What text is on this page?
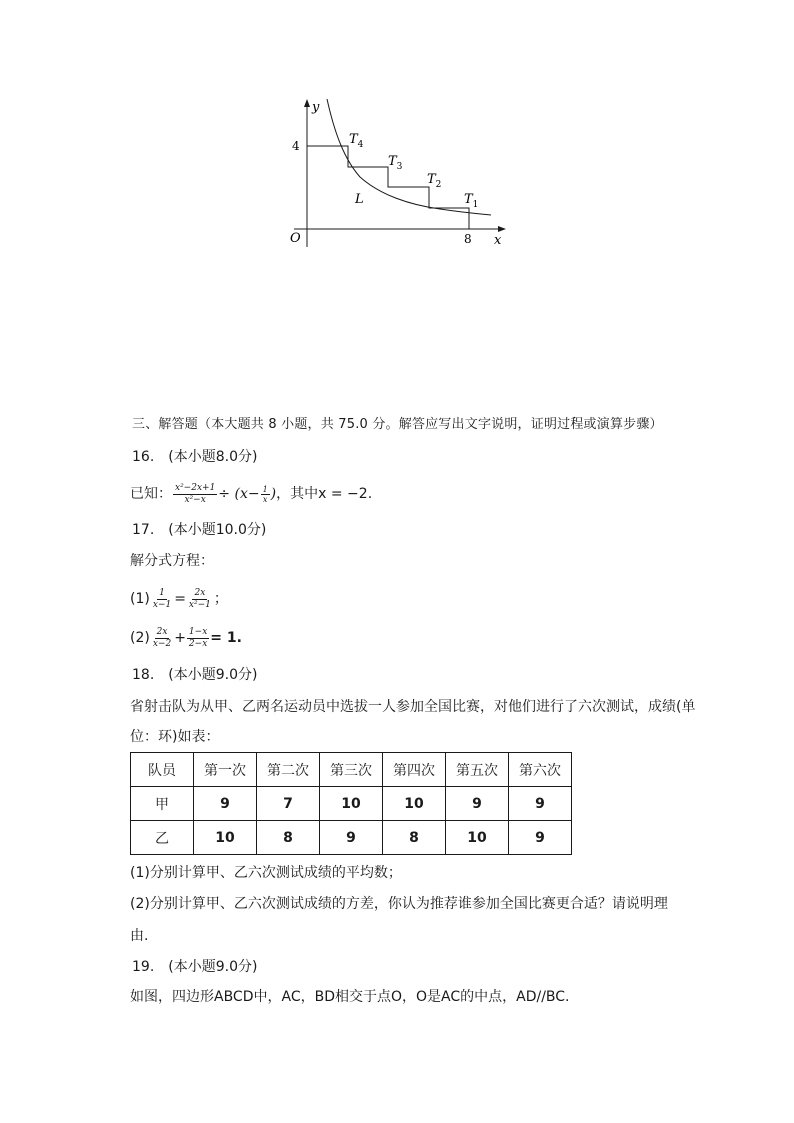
y
x
O
4
8
L
$T_4$
$T_3$
$T_2$
$T_1$
三、解答题（本大题共 8 小题，共 75.0 分。解答应写出文字说明，证明过程或演算步骤）
16.　(本小题8.0分)
已知： $\frac{\text{x²−2x+1}}{\text{x²−x}} \div (x- \frac{1}{x}$ ) ，其中x = −2.
17.　(本小题10.0分)
解分式方程：
$(1) \frac{1}{x-1} = \frac{2x}{\text{x²−1}}$ ；
$(2) \frac{2x}{x-2} + \frac{1-x}{2-x} = 1$.
18.　(本小题9.0分)
省射击队为从甲、乙两名运动员中选拔一人参加全国比赛，对他们进行了六次测试，成绩(单
位：环)如表：
队员	第一次	第二次	第三次	第四次	第五次	第六次
甲	9	7	10	10	9	9
乙	10	8	9	8	10	9
(1)分别计算甲、乙六次测试成绩的平均数；
(2)分别计算甲、乙六次测试成绩的方差，你认为推荐谁参加全国比赛更合适？请说明理
由.
19.　(本小题9.0分)
如图，四边形ABCD中，AC，BD相交于点O，O是AC的中点，AD//BC.
